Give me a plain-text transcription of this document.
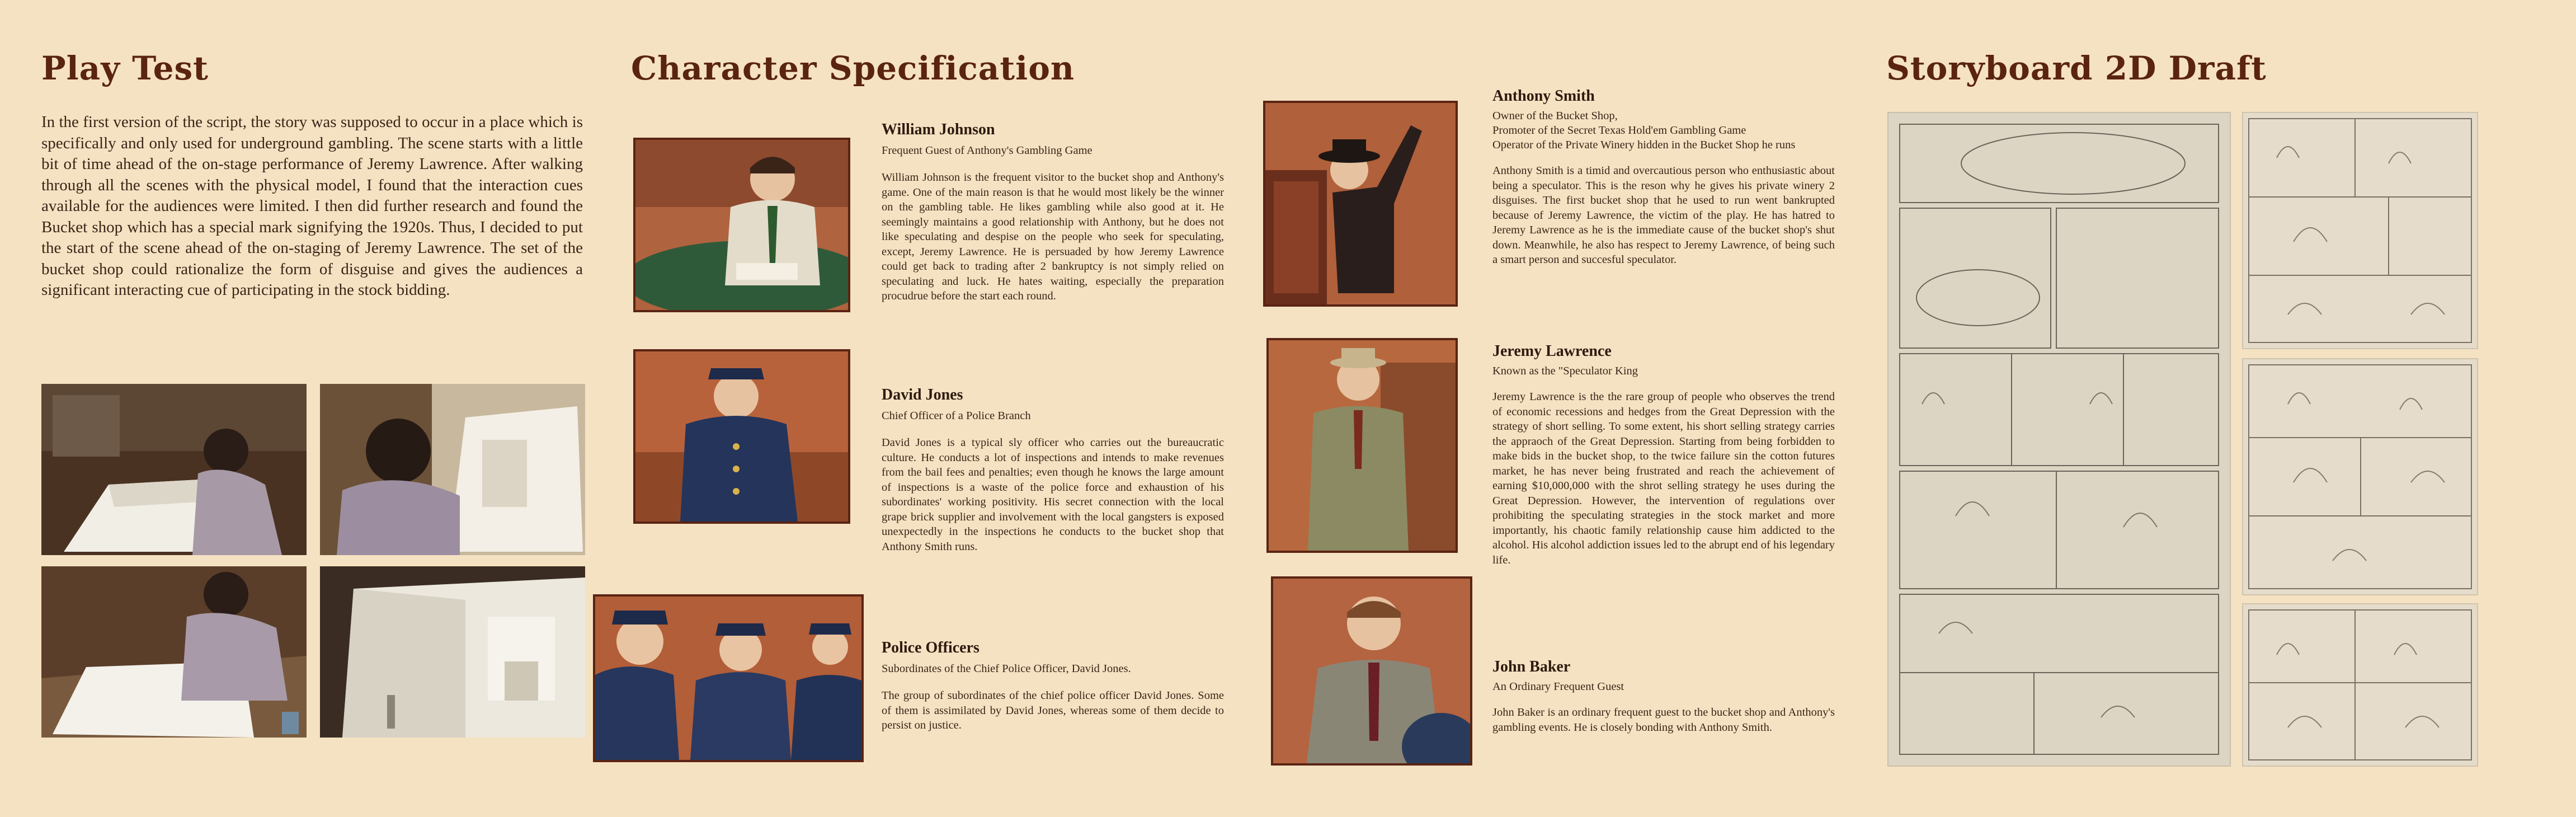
Play Test

In the first version of the script, the story was supposed to occur in a place which is specifically and only used for underground gambling. The scene starts with a little bit of time ahead of the on-stage performance of Jeremy Lawrence. After walking through all the scenes with the physical model, I found that the interaction cues available for the audiences were limited. I then did further research and found the Bucket shop which has a special mark signifying the 1920s. Thus, I decided to put the start of the scene ahead of the on-staging of Jeremy Lawrence. The set of the bucket shop could rationalize the form of disguise and gives the audiences a significant interacting cue of participating in the stock bidding.

Character Specification

William Johnson

Frequent Guest of Anthony's Gambling Game

William Johnson is the frequent visitor to the bucket shop and Anthony's game. One of the main reason is that he would most likely be the winner on the gambling table. He likes gambling while also good at it. He seemingly maintains a good relationship with Anthony, but he does not like speculating and despise on the people who seek for speculating, except, Jeremy Lawrence. He is persuaded by how Jeremy Lawrence could get back to trading after 2 bankruptcy is not simply relied on speculating and luck. He hates waiting, especially the preparation procudrue before the start each round.

David Jones

Chief Officer of a Police Branch

David Jones is a typical sly officer who carries out the bureaucratic culture. He conducts a lot of inspections and intends to make revenues from the bail fees and penalties; even though he knows the large amount of inspections is a waste of the police force and exhaustion of his subordinates' working positivity. His secret connection with the local grape brick supplier and involvement with the local gangsters is exposed unexpectedly in the inspections he conducts to the bucket shop that Anthony Smith runs.

Police Officers

Subordinates of the Chief Police Officer, David Jones.

The group of subordinates of the chief police officer David Jones. Some of them is assimilated by David Jones, whereas some of them decide to persist on justice.

Anthony Smith

Owner of the Bucket Shop,
Promoter of the Secret Texas Hold'em Gambling Game
Operator of the Private Winery hidden in the Bucket Shop he runs

Anthony Smith is a timid and overcautious person who enthusiastic about being a speculator. This is the reson why he gives his private winery 2 disguises. The first bucket shop that he used to run went bankrupted because of Jeremy Lawrence, the victim of the play. He has hatred to Jeremy Lawrence as he is the immediate cause of the bucket shop's shut down. Meanwhile, he also has respect to Jeremy Lawrence, of being such a smart person and succesful speculator.

Jeremy Lawrence

Known as the "Speculator King

Jeremy Lawrence is the the rare group of people who observes the trend of economic recessions and hedges from the Great Depression with the strategy of short selling. To some extent, his short selling strategy carries the appraoch of the Great Depression. Starting from being forbidden to make bids in the bucket shop, to the twice failure sin the cotton futures market, he has never being frustrated and reach the achievement of earning $10,000,000 with the shrot selling strategy he uses during the Great Depression. However, the intervention of regulations over prohibiting the speculating strategies in the stock market and more importantly, his chaotic family relationship cause him addicted to the alcohol. His alcohol addiction issues led to the abrupt end of his legendary life.

John Baker

An Ordinary Frequent Guest

John Baker is an ordinary frequent guest to the bucket shop and Anthony's gambling events. He is closely bonding with Anthony Smith.

Storyboard 2D Draft
